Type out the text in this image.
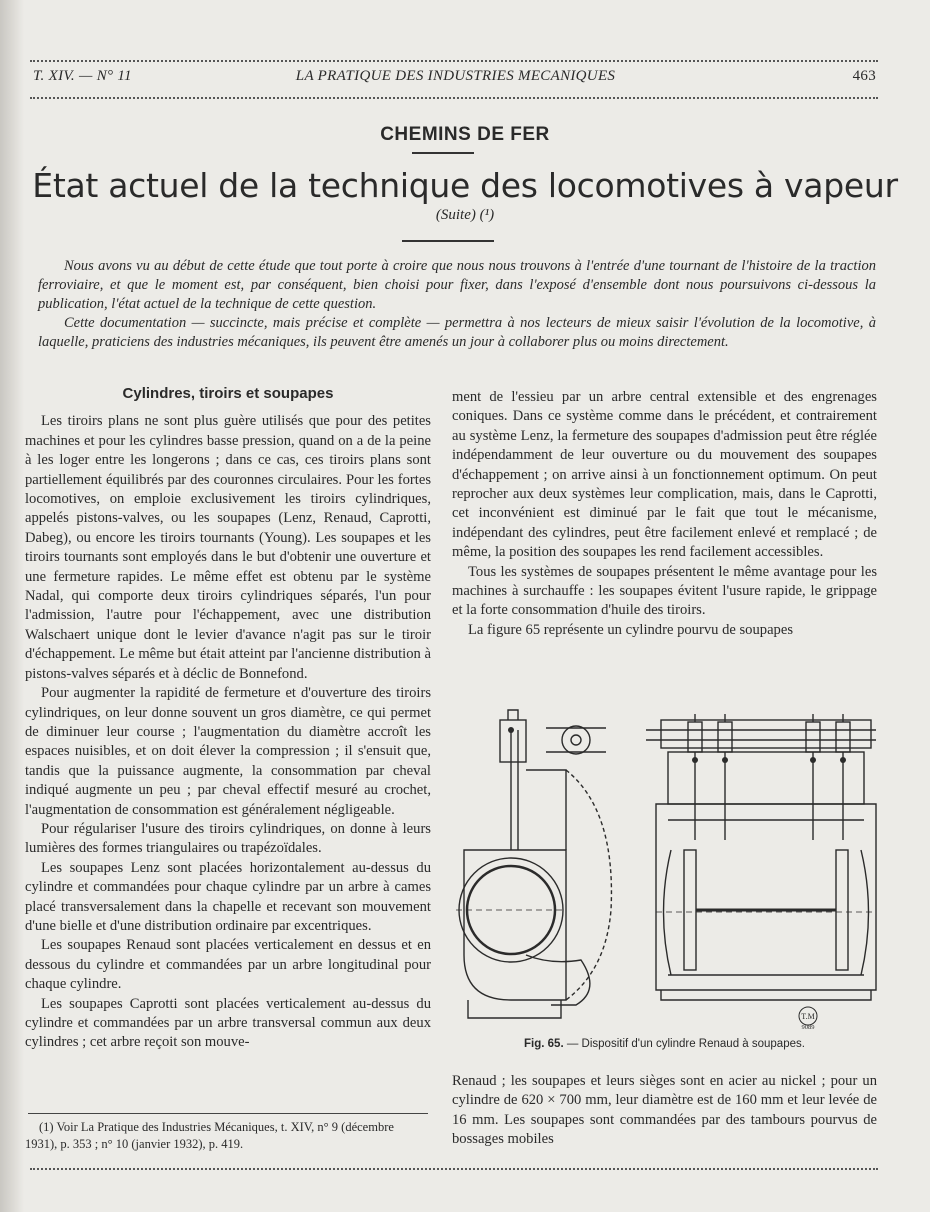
T. XIV. — N° 11	LA PRATIQUE DES INDUSTRIES MECANIQUES	463
CHEMINS DE FER
État actuel de la technique des locomotives à vapeur
(Suite) (¹)

Nous avons vu au début de cette étude que tout porte à croire que nous nous trouvons à l'entrée d'une tournant de l'histoire de la traction ferroviaire, et que le moment est, par conséquent, bien choisi pour fixer, dans l'exposé d'ensemble dont nous poursuivons ci-dessous la publication, l'état actuel de la technique de cette question.

Cette documentation — succincte, mais précise et complète — permettra à nos lecteurs de mieux saisir l'évolution de la locomotive, à laquelle, praticiens des industries mécaniques, ils peuvent être amenés un jour à collaborer plus ou moins directement.

Cylindres, tiroirs et soupapes

Les tiroirs plans ne sont plus guère utilisés que pour des petites machines et pour les cylindres basse pression, quand on a de la peine à les loger entre les longerons ; dans ce cas, ces tiroirs plans sont partiellement équilibrés par des couronnes circulaires. Pour les fortes locomotives, on emploie exclusivement les tiroirs cylindriques, appelés pistons-valves, ou les soupapes (Lenz, Renaud, Caprotti, Dabeg), ou encore les tiroirs tournants (Young). Les soupapes et les tiroirs tournants sont employés dans le but d'obtenir une ouverture et une fermeture rapides. Le même effet est obtenu par le système Nadal, qui comporte deux tiroirs cylindriques séparés, l'un pour l'admission, l'autre pour l'échappement, avec une distribution Walschaert unique dont le levier d'avance n'agit pas sur le tiroir d'échappement. Le même but était atteint par l'ancienne distribution à pistons-valves séparés et à déclic de Bonnefond.

Pour augmenter la rapidité de fermeture et d'ouverture des tiroirs cylindriques, on leur donne souvent un gros diamètre, ce qui permet de diminuer leur course ; l'augmentation du diamètre accroît les espaces nuisibles, et on doit élever la compression ; il s'ensuit que, tandis que la puissance augmente, la consommation par cheval indiqué augmente un peu ; par cheval effectif mesuré au crochet, l'augmentation de consommation est généralement négligeable.

Pour régulariser l'usure des tiroirs cylindriques, on donne à leurs lumières des formes triangulaires ou trapézoïdales.

Les soupapes Lenz sont placées horizontalement au-dessus du cylindre et commandées pour chaque cylindre par un arbre à cames placé transversalement dans la chapelle et recevant son mouvement d'une bielle et d'une distribution ordinaire par excentriques.

Les soupapes Renaud sont placées verticalement en dessus et en dessous du cylindre et commandées par un arbre longitudinal pour chaque cylindre.

Les soupapes Caprotti sont placées verticalement au-dessus du cylindre et commandées par un arbre transversal commun aux deux cylindres ; cet arbre reçoit son mouve-

(1) Voir La Pratique des Industries Mécaniques, t. XIV, n° 9 (décembre 1931), p. 353 ; n° 10 (janvier 1932), p. 419.

ment de l'essieu par un arbre central extensible et des engrenages coniques. Dans ce système comme dans le précédent, et contrairement au système Lenz, la fermeture des soupapes d'admission peut être réglée indépendamment de leur ouverture ou du mouvement des soupapes d'échappement ; on arrive ainsi à un fonctionnement optimum. On peut reprocher aux deux systèmes leur complication, mais, dans le Caprotti, cet inconvénient est diminué par le fait que tout le mécanisme, indépendant des cylindres, peut être facilement enlevé et remplacé ; de même, la position des soupapes les rend facilement accessibles.

Tous les systèmes de soupapes présentent le même avantage pour les machines à surchauffe : les soupapes évitent l'usure rapide, le grippage et la forte consommation d'huile des tiroirs.

La figure 65 représente un cylindre pourvu de soupapes

T.M
9089
Fig. 65. — Dispositif d'un cylindre Renaud à soupapes.

Renaud ; les soupapes et leurs sièges sont en acier au nickel ; pour un cylindre de 620 × 700 mm, leur diamètre est de 160 mm et leur levée de 16 mm. Les soupapes sont commandées par des tambours pourvus de bossages mobiles
